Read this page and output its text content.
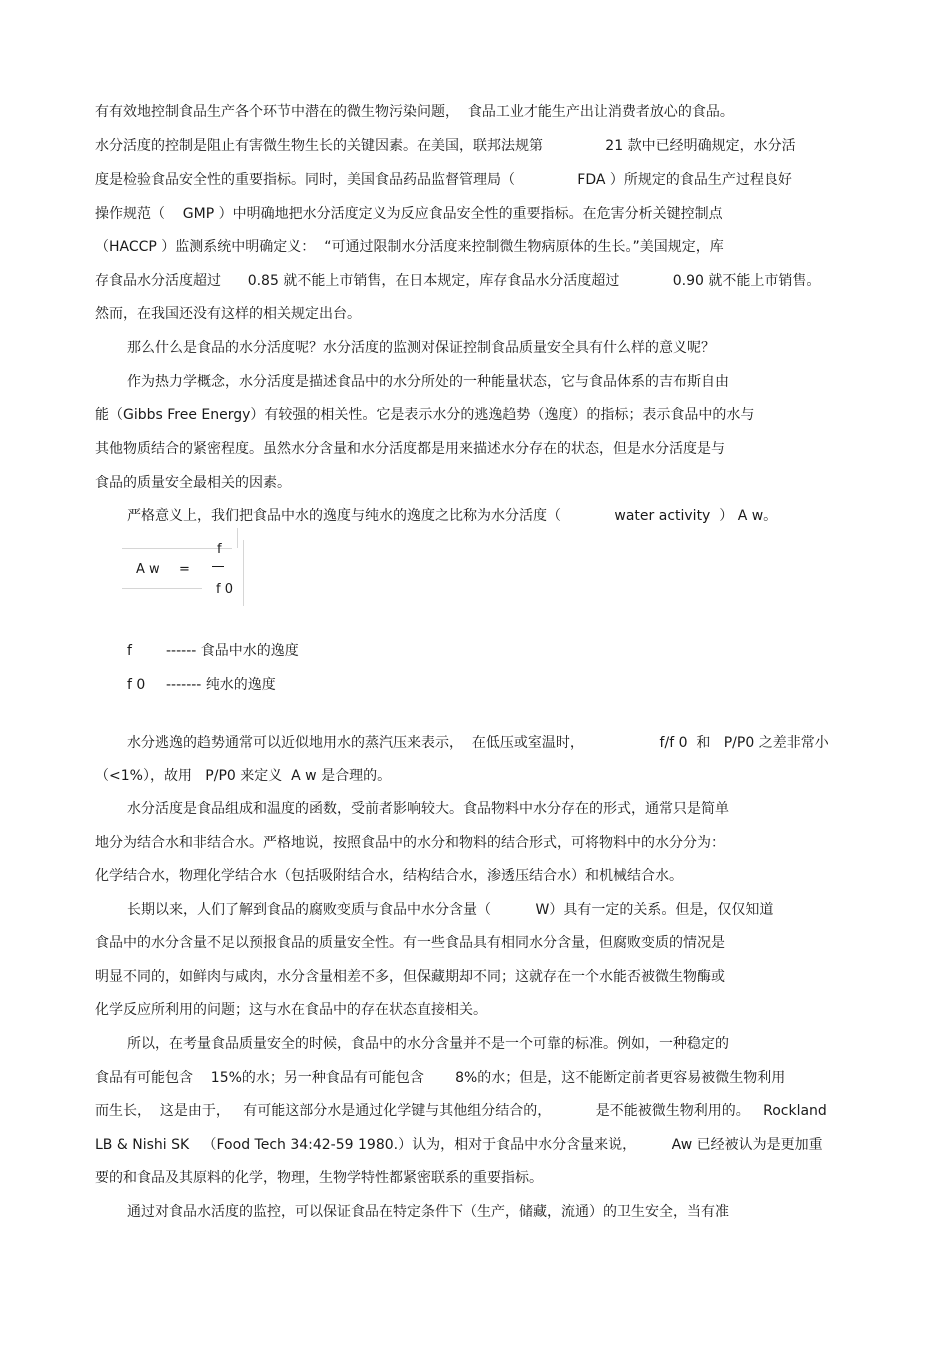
有有效地控制食品生产各个环节中潜在的微生物污染问题，  食品工业才能生产出让消费者放心的食品。
水分活度的控制是阻止有害微生物生长的关键因素。在美国，联邦法规第              21 款中已经明确规定，水分活
度是检验食品安全性的重要指标。同时，美国食品药品监督管理局（              FDA ）所规定的食品生产过程良好
操作规范（    GMP ）中明确地把水分活度定义为反应食品安全性的重要指标。在危害分析关键控制点
（HACCP ）监测系统中明确定义：  “可通过限制水分活度来控制微生物病原体的生长。”美国规定，库
存食品水分活度超过      0.85 就不能上市销售，在日本规定，库存食品水分活度超过            0.90 就不能上市销售。
然而，在我国还没有这样的相关规定出台。
那么什么是食品的水分活度呢？水分活度的监测对保证控制食品质量安全具有什么样的意义呢？
作为热力学概念，水分活度是描述食品中的水分所处的一种能量状态，它与食品体系的吉布斯自由
能（Gibbs Free Energy）有较强的相关性。它是表示水分的逃逸趋势（逸度）的指标；表示食品中的水与
其他物质结合的紧密程度。虽然水分含量和水分活度都是用来描述水分存在的状态，但是水分活度是与
食品的质量安全最相关的因素。
严格意义上，我们把食品中水的逸度与纯水的逸度之比称为水分活度（            water activity  ） A w。
A w =
f
f 0
f ------ 食品中水的逸度
f 0 ------- 纯水的逸度
水分逃逸的趋势通常可以近似地用水的蒸汽压来表示，  在低压或室温时，                 f/f 0  和   P/P0 之差非常小
（<1%），故用   P/P0 来定义  A w 是合理的。
水分活度是食品组成和温度的函数，受前者影响较大。食品物料中水分存在的形式，通常只是简单
地分为结合水和非结合水。严格地说，按照食品中的水分和物料的结合形式，可将物料中的水分分为：
化学结合水，物理化学结合水（包括吸附结合水，结构结合水，渗透压结合水）和机械结合水。
长期以来，人们了解到食品的腐败变质与食品中水分含量（          W）具有一定的关系。但是，仅仅知道
食品中的水分含量不足以预报食品的质量安全性。有一些食品具有相同水分含量，但腐败变质的情况是
明显不同的，如鲜肉与咸肉，水分含量相差不多，但保藏期却不同；这就存在一个水能否被微生物酶或
化学反应所利用的问题；这与水在食品中的存在状态直接相关。
所以，在考量食品质量安全的时候，食品中的水分含量并不是一个可靠的标准。例如，一种稳定的
食品有可能包含    15%的水；另一种食品有可能包含       8%的水；但是，这不能断定前者更容易被微生物利用
而生长，  这是由于，   有可能这部分水是通过化学键与其他组分结合的，          是不能被微生物利用的。   Rockland
LB & Nishi SK   （Food Tech 34:42-59 1980.）认为，相对于食品中水分含量来说，        Aw 已经被认为是更加重
要的和食品及其原料的化学，物理，生物学特性都紧密联系的重要指标。
通过对食品水活度的监控，可以保证食品在特定条件下（生产，储藏，流通）的卫生安全，当有准
